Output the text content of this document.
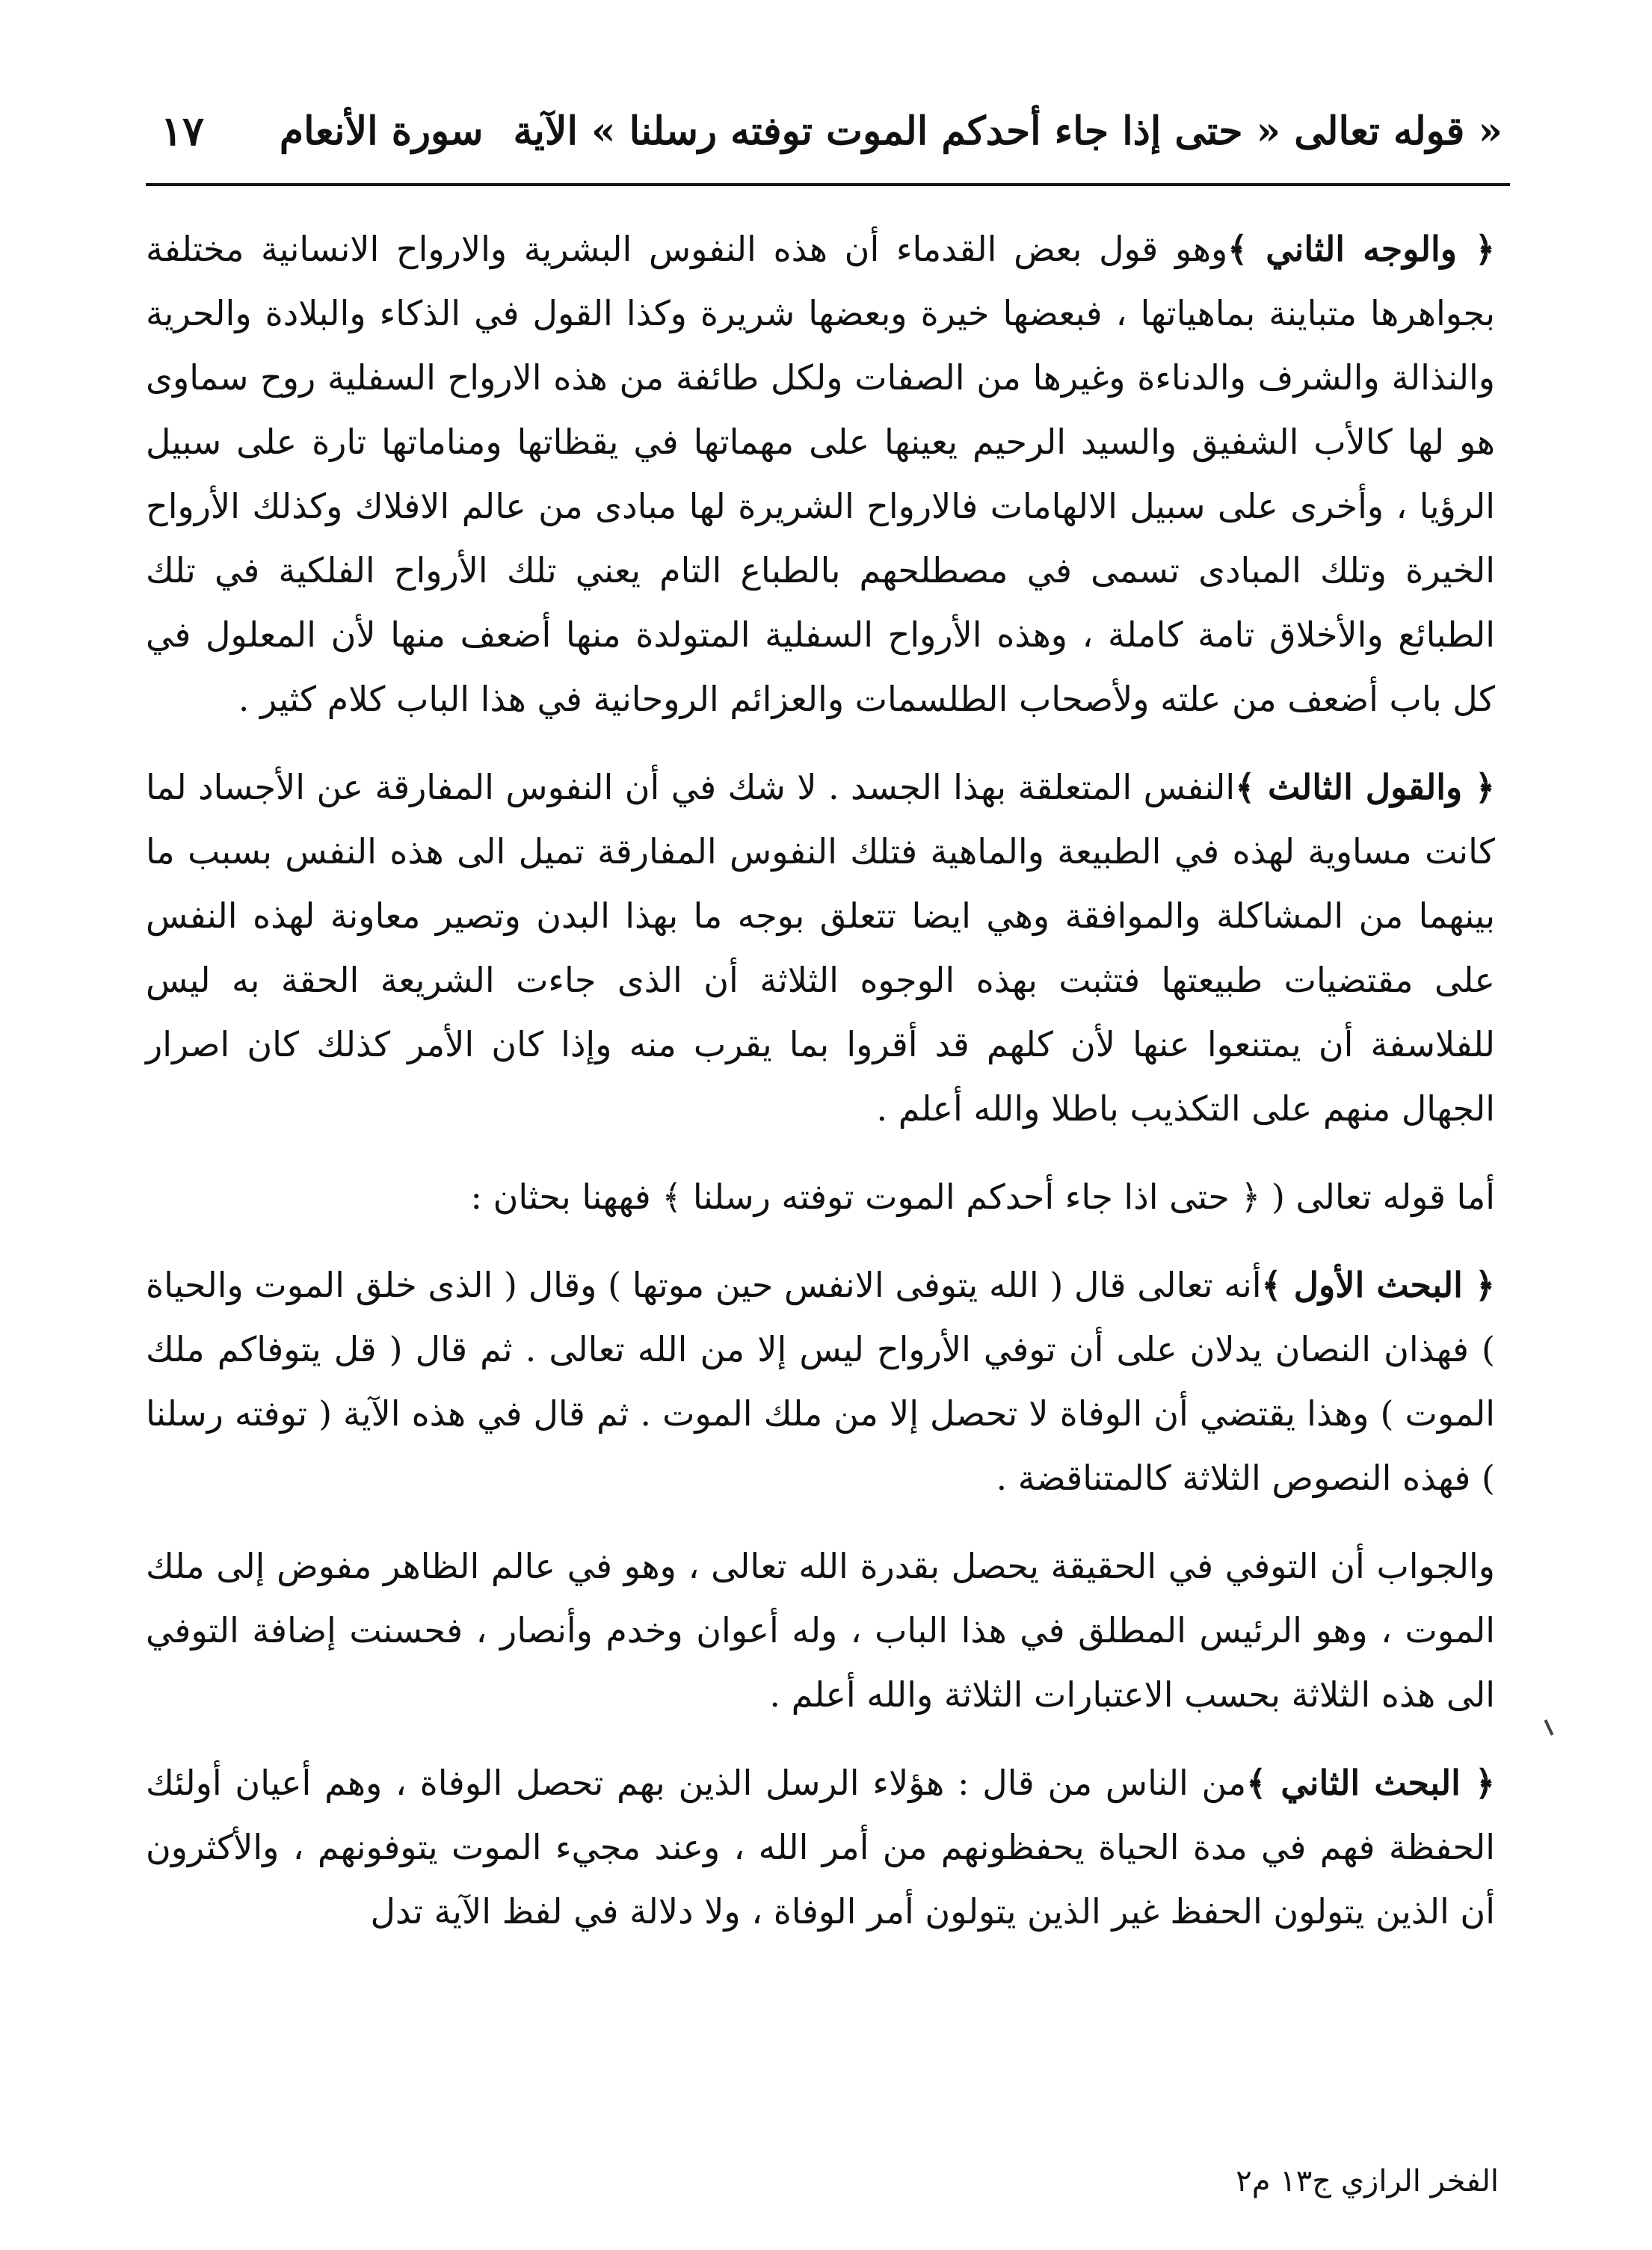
« قوله تعالى « حتى إذا جاء أحدكم الموت توفته رسلنا » الآيةسورة الأنعام
١٧

﴿ والوجه الثاني ﴾وهو قول بعض القدماء أن هذه النفوس البشرية والارواح الانسانية مختلفة بجواهرها متباينة بماهياتها ، فبعضها خيرة وبعضها شريرة وكذا القول في الذكاء والبلادة والحرية والنذالة والشرف والدناءة وغيرها من الصفات ولكل طائفة من هذه الارواح السفلية روح سماوى هو لها كالأب الشفيق والسيد الرحيم يعينها على مهماتها في يقظاتها ومناماتها تارة على سبيل الرؤيا ، وأخرى على سبيل الالهامات فالارواح الشريرة لها مبادى من عالم الافلاك وكذلك الأرواح الخيرة وتلك المبادى تسمى في مصطلحهم بالطباع التام يعني تلك الأرواح الفلكية في تلك الطبائع والأخلاق تامة كاملة ، وهذه الأرواح السفلية المتولدة منها أضعف منها لأن المعلول في كل باب أضعف من علته ولأصحاب الطلسمات والعزائم الروحانية في هذا الباب كلام كثير .

﴿ والقول الثالث ﴾النفس المتعلقة بهذا الجسد . لا شك في أن النفوس المفارقة عن الأجساد لما كانت مساوية لهذه في الطبيعة والماهية فتلك النفوس المفارقة تميل الى هذه النفس بسبب ما بينهما من المشاكلة والموافقة وهي ايضا تتعلق بوجه ما بهذا البدن وتصير معاونة لهذه النفس على مقتضيات طبيعتها فتثبت بهذه الوجوه الثلاثة أن الذى جاءت الشريعة الحقة به ليس للفلاسفة أن يمتنعوا عنها لأن كلهم قد أقروا بما يقرب منه وإذا كان الأمر كذلك كان اصرار الجهال منهم على التكذيب باطلا والله أعلم .

أما قوله تعالى ( ﴿ حتى اذا جاء أحدكم الموت توفته رسلنا ﴾ فههنا بحثان :

﴿ البحث الأول ﴾أنه تعالى قال ( الله يتوفى الانفس حين موتها ) وقال ( الذى خلق الموت والحياة ) فهذان النصان يدلان على أن توفي الأرواح ليس إلا من الله تعالى . ثم قال ( قل يتوفاكم ملك الموت ) وهذا يقتضي أن الوفاة لا تحصل إلا من ملك الموت . ثم قال في هذه الآية ( توفته رسلنا ) فهذه النصوص الثلاثة كالمتناقضة .

والجواب أن التوفي في الحقيقة يحصل بقدرة الله تعالى ، وهو في عالم الظاهر مفوض إلى ملك الموت ، وهو الرئيس المطلق في هذا الباب ، وله أعوان وخدم وأنصار ، فحسنت إضافة التوفي الى هذه الثلاثة بحسب الاعتبارات الثلاثة والله أعلم .

﴿ البحث الثاني ﴾من الناس من قال : هؤلاء الرسل الذين بهم تحصل الوفاة ، وهم أعيان أولئك الحفظة فهم في مدة الحياة يحفظونهم من أمر الله ، وعند مجيء الموت يتوفونهم ، والأكثرون أن الذين يتولون الحفظ غير الذين يتولون أمر الوفاة ، ولا دلالة في لفظ الآية تدل

الفخر الرازي ج١٣ م٢
